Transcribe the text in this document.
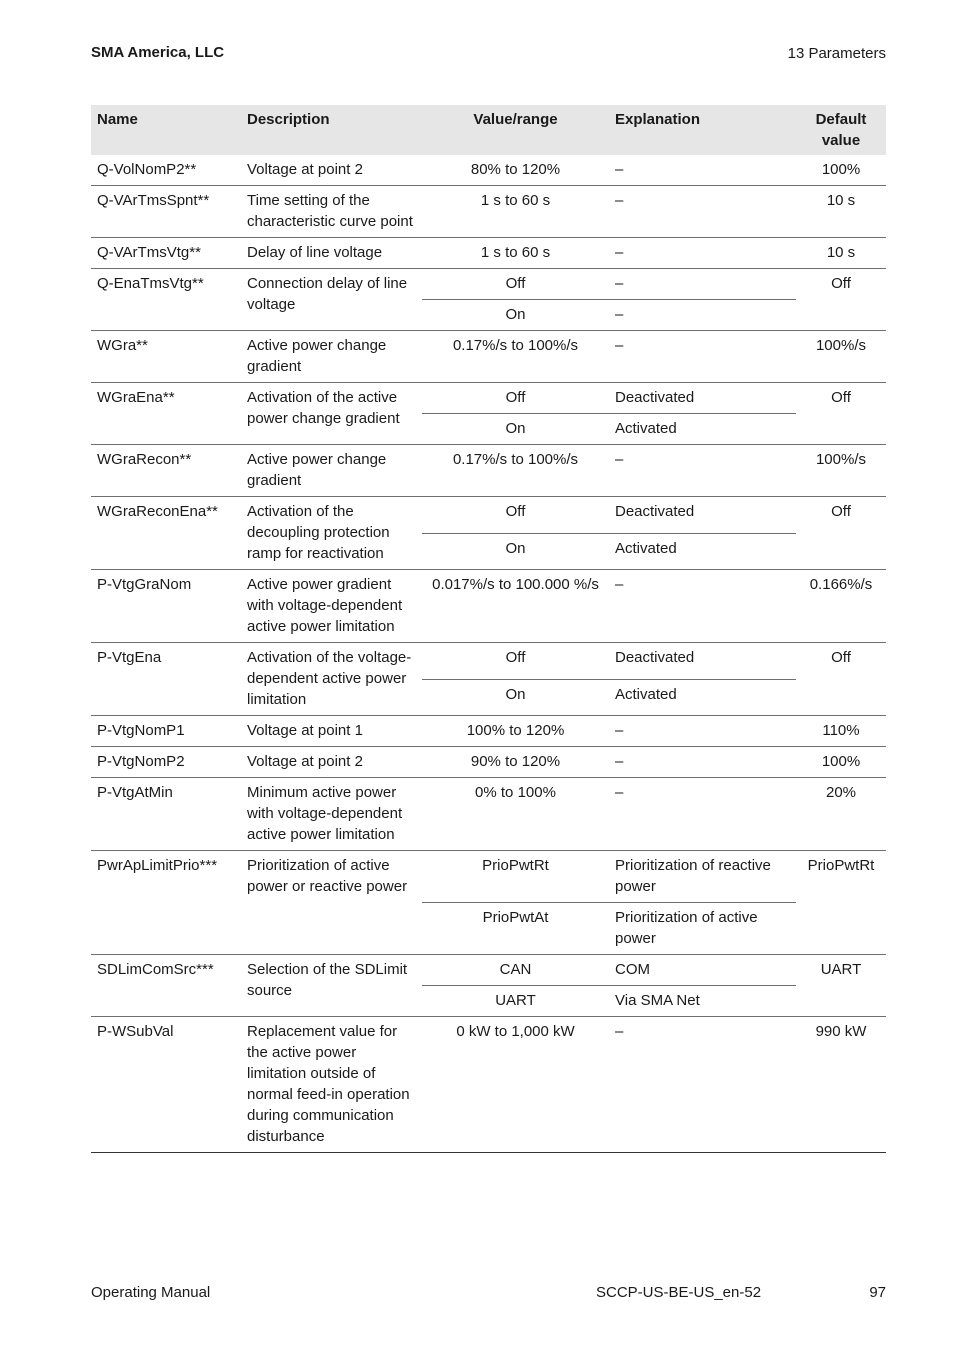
SMA America, LLC	13 Parameters
Name	Description	Value/range	Explanation	Default value
Q-VolNomP2**	Voltage at point 2	80% to 120%	–	100%
Q-VArTmsSpnt**	Time setting of the characteristic curve point	1 s to 60 s	–	10 s
Q-VArTmsVtg**	Delay of line voltage	1 s to 60 s	–	10 s
Q-EnaTmsVtg**	Connection delay of line voltage	Off	–	Off
		On	–	
WGra**	Active power change gradient	0.17%/s to 100%/s	–	100%/s
WGraEna**	Activation of the active power change gradient	Off	Deactivated	Off
		On	Activated	
WGraRecon**	Active power change gradient	0.17%/s to 100%/s	–	100%/s
WGraReconEna**	Activation of the decoupling protection ramp for reactivation	Off	Deactivated	Off
		On	Activated	
P-VtgGraNom	Active power gradient with voltage-dependent active power limitation	0.017%/s to 100.000 %/s	–	0.166%/s
P-VtgEna	Activation of the voltage-dependent active power limitation	Off	Deactivated	Off
		On	Activated	
P-VtgNomP1	Voltage at point 1	100% to 120%	–	110%
P-VtgNomP2	Voltage at point 2	90% to 120%	–	100%
P-VtgAtMin	Minimum active power with voltage-dependent active power limitation	0% to 100%	–	20%
PwrApLimitPrio***	Prioritization of active power or reactive power	PrioPwtRt	Prioritization of reactive power	PrioPwtRt
		PrioPwtAt	Prioritization of active power	
SDLimComSrc***	Selection of the SDLimit source	CAN	COM	UART
		UART	Via SMA Net	
P-WSubVal	Replacement value for the active power limitation outside of normal feed-in operation during communication disturbance	0 kW to 1,000 kW	–	990 kW
Operating Manual	SCCP-US-BE-US_en-52	97
